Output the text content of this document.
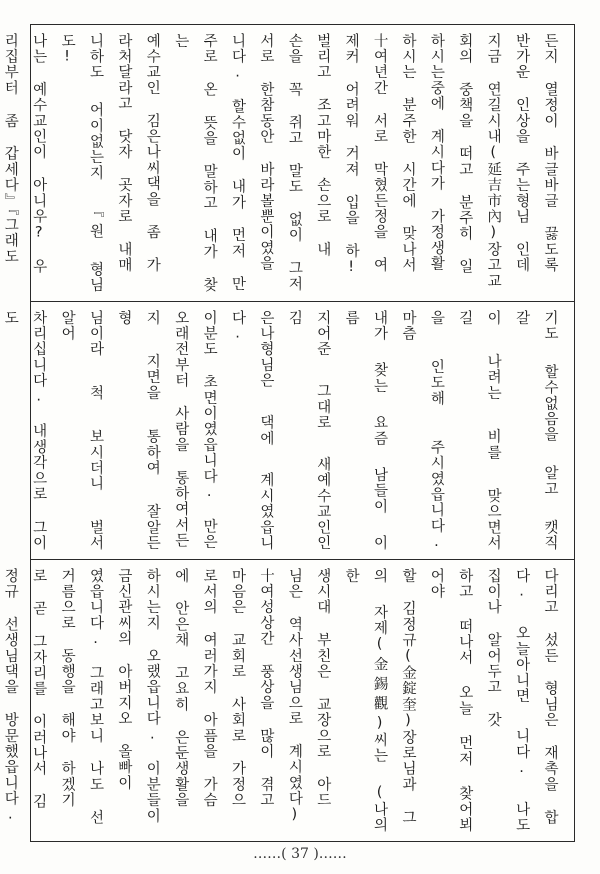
든지 열정이 바글바글 끓도록
반가운 인상을 주는형님 인데
지금 연길시내(延吉市內)장고교
회의 중책을 떠고 분주히 일
하시는중에 계시다가 가정생활
하시는 분주한 시간에 맞나서
十여년간 서로 막혔든정을 여
제커 어려워 거져 입을 하!
벌리고 조고마한 손으로 내
손을 꼭 쥐고 말도 없이 그저
서로 한참동안 바라볼뿐이였을
니다. 할수없이 내가 먼저 만
주로 온 뜻을 말하고 내가 찾는
예수교인 김은나씨댁을 좀 가
라처달라고 닷자 곳자로 내매
니하도 어이없는지 『원 형님도!
나는 예수교인이 아니우? 우
리집부터 좀 갑세다』『그래도
기도 할수없음을 알고 캣직 갈
이 나려는 비를 맞으면서 길
을 인도해 주시였읍니다. 마츰
내가 찾는 요즘 남들이 이름
지어준 그대로 새예수교인인 김
은나형님은 댁에 계시였읍니다.
이분도 초면이였읍니다. 만은
오래전부터 사람을 통하여서든
지 지면을 통하여 잘알든 형
님이라 척 보시더니 벌서 알어
차리십니다. 내생각으로 그이도
다리고 섰든 형님은 재촉을 합
다. 오늘아니면 니다. 나도 집이나 알어두고 갓
하고 떠나서 오늘 먼저 찾어뵈어야
할 김정규(金錠奎)장로님과 그
의 자제(金錫觀)씨는 (나의 한
생시대 부친은 교장으로 아드
님은 역사선생님으로 계시였다)
十여성상간 풍상을 많이 겪고
마음은 교회로 사회로 가정으
로서의 여러가지 아픔을 가슴
에 안은채 고요히 은둔생활을
하시는지 오랬읍니다. 이분들이
금신관씨의 아버지오 올빠이
였읍니다. 그래고보니 나도 선
거름으로 동행을 해야 하겠기
로 곧 그자리를 이러나서 김
정규 선생님댁을 방문했읍니다.
……( 37 )……
